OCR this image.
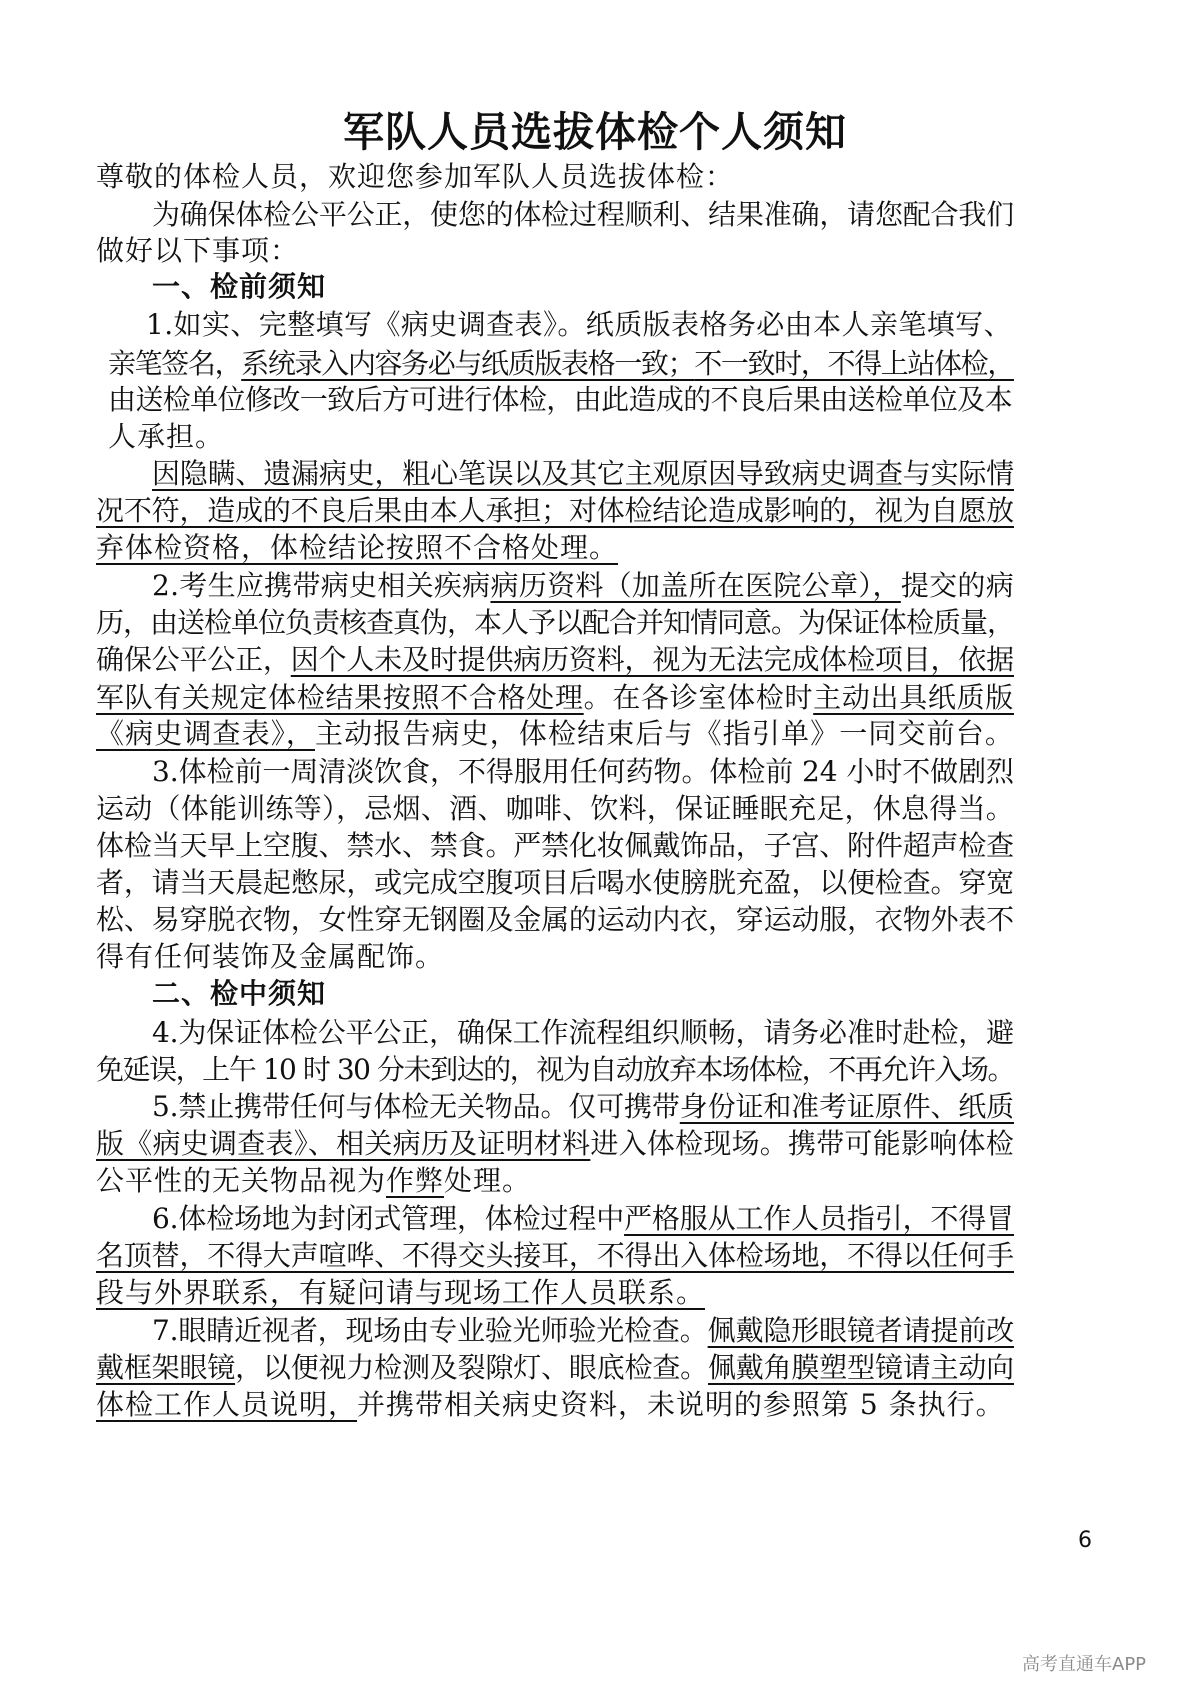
军队人员选拔体检个人须知
尊敬的体检人员，欢迎您参加军队人员选拔体检：
为确保体检公平公正，使您的体检过程顺利、结果准确，请您配合我们
做好以下事项：
一、检前须知
1.如实、完整填写《病史调查表》。纸质版表格务必由本人亲笔填写、
亲笔签名，系统录入内容务必与纸质版表格一致；不一致时，不得上站体检，
由送检单位修改一致后方可进行体检，由此造成的不良后果由送检单位及本
人承担。
因隐瞒、遗漏病史，粗心笔误以及其它主观原因导致病史调查与实际情
况不符，造成的不良后果由本人承担；对体检结论造成影响的，视为自愿放
弃体检资格，体检结论按照不合格处理。
2.考生应携带病史相关疾病病历资料（加盖所在医院公章），提交的病
历，由送检单位负责核查真伪，本人予以配合并知情同意。为保证体检质量，
确保公平公正，因个人未及时提供病历资料，视为无法完成体检项目，依据
军队有关规定体检结果按照不合格处理。在各诊室体检时主动出具纸质版
《病史调查表》，主动报告病史，体检结束后与《指引单》一同交前台。
3.体检前一周清淡饮食，不得服用任何药物。体检前 24 小时不做剧烈
运动（体能训练等），忌烟、酒、咖啡、饮料，保证睡眠充足，休息得当。
体检当天早上空腹、禁水、禁食。严禁化妆佩戴饰品，子宫、附件超声检查
者，请当天晨起憋尿，或完成空腹项目后喝水使膀胱充盈，以便检查。穿宽
松、易穿脱衣物，女性穿无钢圈及金属的运动内衣，穿运动服，衣物外表不
得有任何装饰及金属配饰。
二、检中须知
4.为保证体检公平公正，确保工作流程组织顺畅，请务必准时赴检，避
免延误，上午 10 时 30 分未到达的，视为自动放弃本场体检，不再允许入场。
5.禁止携带任何与体检无关物品。仅可携带身份证和准考证原件、纸质
版《病史调查表》、相关病历及证明材料进入体检现场。携带可能影响体检
公平性的无关物品视为作弊处理。
6.体检场地为封闭式管理，体检过程中严格服从工作人员指引，不得冒
名顶替，不得大声喧哗、不得交头接耳，不得出入体检场地，不得以任何手
段与外界联系，有疑问请与现场工作人员联系。
7.眼睛近视者，现场由专业验光师验光检查。佩戴隐形眼镜者请提前改
戴框架眼镜，以便视力检测及裂隙灯、眼底检查。佩戴角膜塑型镜请主动向
体检工作人员说明，并携带相关病史资料，未说明的参照第 5 条执行。
6
高考直通车APP
